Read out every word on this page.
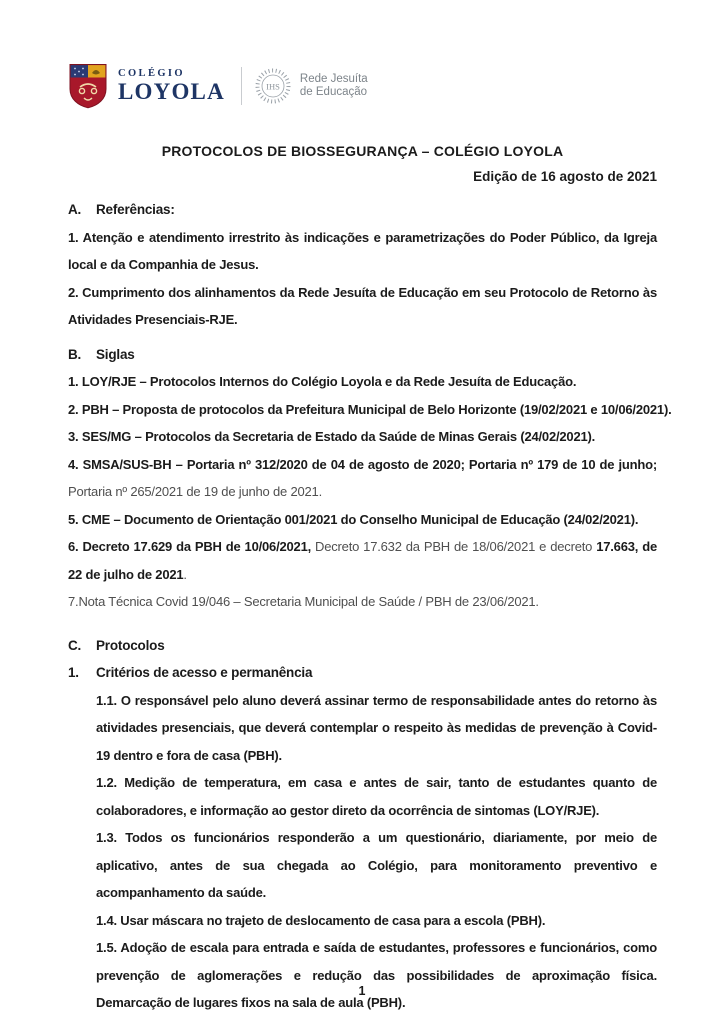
COLÉGIO
LOYOLA	IHS
Rede Jesuíta
de Educação
PROTOCOLOS DE BIOSSEGURANÇA – COLÉGIO LOYOLA
Edição de 16 agosto de 2021
A. Referências:
1. Atenção e atendimento irrestrito às indicações e parametrizações do Poder Público, da Igreja local e da Companhia de Jesus.
2. Cumprimento dos alinhamentos da Rede Jesuíta de Educação em seu Protocolo de Retorno às Atividades Presenciais-RJE.
B. Siglas
1. LOY/RJE – Protocolos Internos do Colégio Loyola e da Rede Jesuíta de Educação.
2. PBH – Proposta de protocolos da Prefeitura Municipal de Belo Horizonte (19/02/2021 e 10/06/2021).
3. SES/MG – Protocolos da Secretaria de Estado da Saúde de Minas Gerais (24/02/2021).
4. SMSA/SUS-BH – Portaria nº 312/2020 de 04 de agosto de 2020; Portaria nº 179 de 10 de junho; Portaria nº 265/2021 de 19 de junho de 2021.
5. CME – Documento de Orientação 001/2021 do Conselho Municipal de Educação (24/02/2021).
6. Decreto 17.629 da PBH de 10/06/2021, Decreto 17.632 da PBH de 18/06/2021 e decreto 17.663, de 22 de julho de 2021.
7.Nota Técnica Covid 19/046 – Secretaria Municipal de Saúde / PBH de 23/06/2021.
C. Protocolos
1. Critérios de acesso e permanência
1.1. O responsável pelo aluno deverá assinar termo de responsabilidade antes do retorno às atividades presenciais, que deverá contemplar o respeito às medidas de prevenção à Covid-19 dentro e fora de casa (PBH).
1.2. Medição de temperatura, em casa e antes de sair, tanto de estudantes quanto de colaboradores, e informação ao gestor direto da ocorrência de sintomas (LOY/RJE).
1.3. Todos os funcionários responderão a um questionário, diariamente, por meio de aplicativo, antes de sua chegada ao Colégio, para monitoramento preventivo e acompanhamento da saúde.
1.4. Usar máscara no trajeto de deslocamento de casa para a escola (PBH).
1.5. Adoção de escala para entrada e saída de estudantes, professores e funcionários, como prevenção de aglomerações e redução das possibilidades de aproximação física. Demarcação de lugares fixos na sala de aula (PBH).
1
